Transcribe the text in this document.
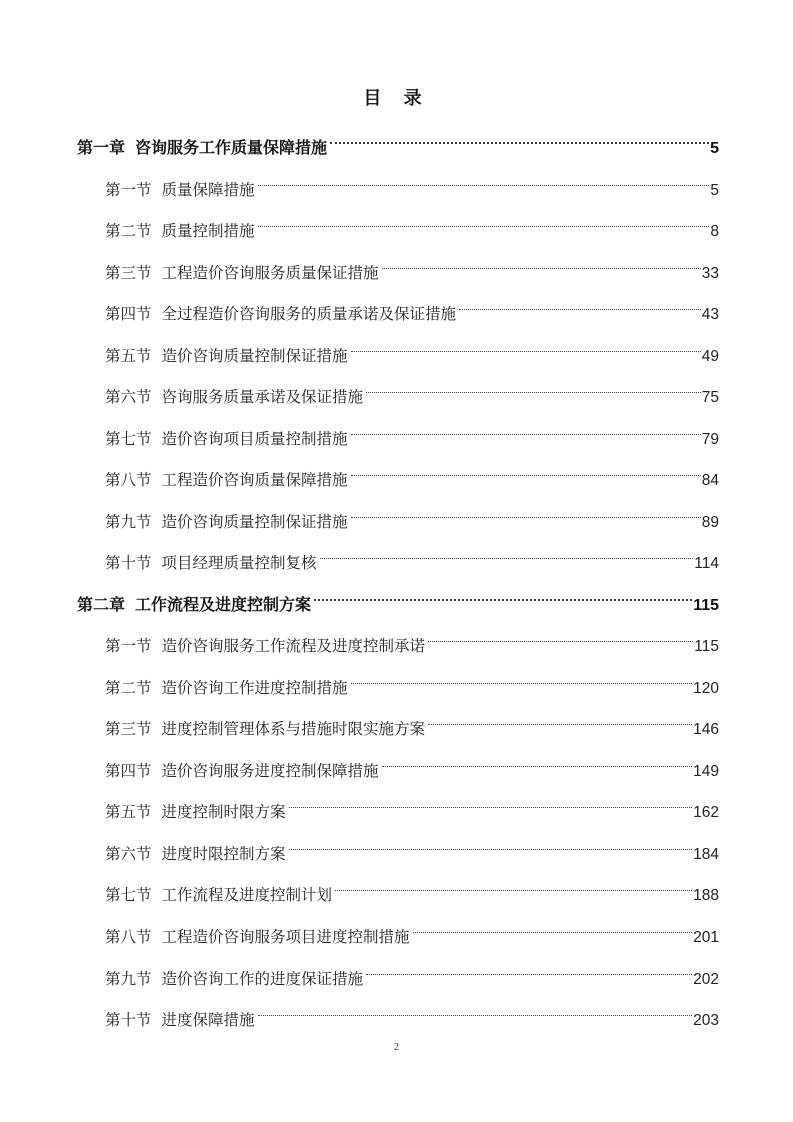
目 录
第一章 咨询服务工作质量保障措施	5
第一节 质量保障措施	5
第二节 质量控制措施	8
第三节 工程造价咨询服务质量保证措施	33
第四节 全过程造价咨询服务的质量承诺及保证措施	43
第五节 造价咨询质量控制保证措施	49
第六节 咨询服务质量承诺及保证措施	75
第七节 造价咨询项目质量控制措施	79
第八节 工程造价咨询质量保障措施	84
第九节 造价咨询质量控制保证措施	89
第十节 项目经理质量控制复核	114
第二章 工作流程及进度控制方案	115
第一节 造价咨询服务工作流程及进度控制承诺	115
第二节 造价咨询工作进度控制措施	120
第三节 进度控制管理体系与措施时限实施方案	146
第四节 造价咨询服务进度控制保障措施	149
第五节 进度控制时限方案	162
第六节 进度时限控制方案	184
第七节 工作流程及进度控制计划	188
第八节 工程造价咨询服务项目进度控制措施	201
第九节 造价咨询工作的进度保证措施	202
第十节 进度保障措施	203
2
